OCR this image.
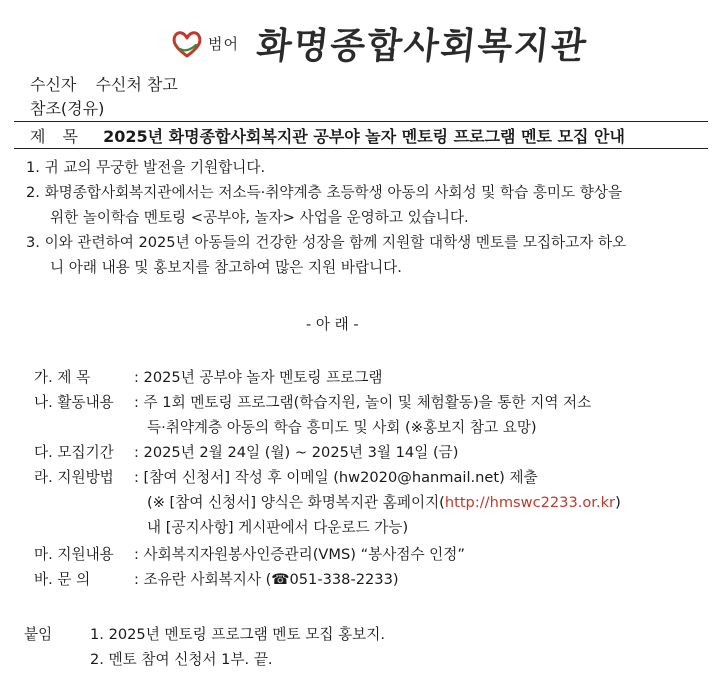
범어 화명종합사회복지관
수신자 수신처 참고
참조(경유)
제 목 2025년 화명종합사회복지관 공부야 놀자 멘토링 프로그램 멘토 모집 안내
1. 귀 교의 무궁한 발전을 기원합니다.
2. 화명종합사회복지관에서는 저소득·취약계층 초등학생 아동의 사회성 및 학습 흥미도 향상을
위한 놀이학습 멘토링 <공부야, 놀자> 사업을 운영하고 있습니다.
3. 이와 관련하여 2025년 아동들의 건강한 성장을 함께 지원할 대학생 멘토를 모집하고자 하오
니 아래 내용 및 홍보지를 참고하여 많은 지원 바랍니다.
- 아 래 -
가. 제 목	: 2025년 공부야 놀자 멘토링 프로그램
나. 활동내용 : 주 1회 멘토링 프로그램(학습지원, 놀이 및 체험활동)을 통한 지역 저소
득·취약계층 아동의 학습 흥미도 및 사회 (※홍보지 참고 요망)
다. 모집기간 : 2025년 2월 24일 (월) ~ 2025년 3월 14일 (금)
라. 지원방법 : [참여 신청서] 작성 후 이메일 (hw2020@hanmail.net) 제출
(※ [참여 신청서] 양식은 화명복지관 홈페이지(http://hmswc2233.or.kr)
내 [공지사항] 게시판에서 다운로드 가능)
마. 지원내용 : 사회복지자원봉사인증관리(VMS) “봉사점수 인정”
바. 문 의	: 조유란 사회복지사 (☎051-338-2233)
붙임	1. 2025년 멘토링 프로그램 멘토 모집 홍보지.
2. 멘토 참여 신청서 1부. 끝.
